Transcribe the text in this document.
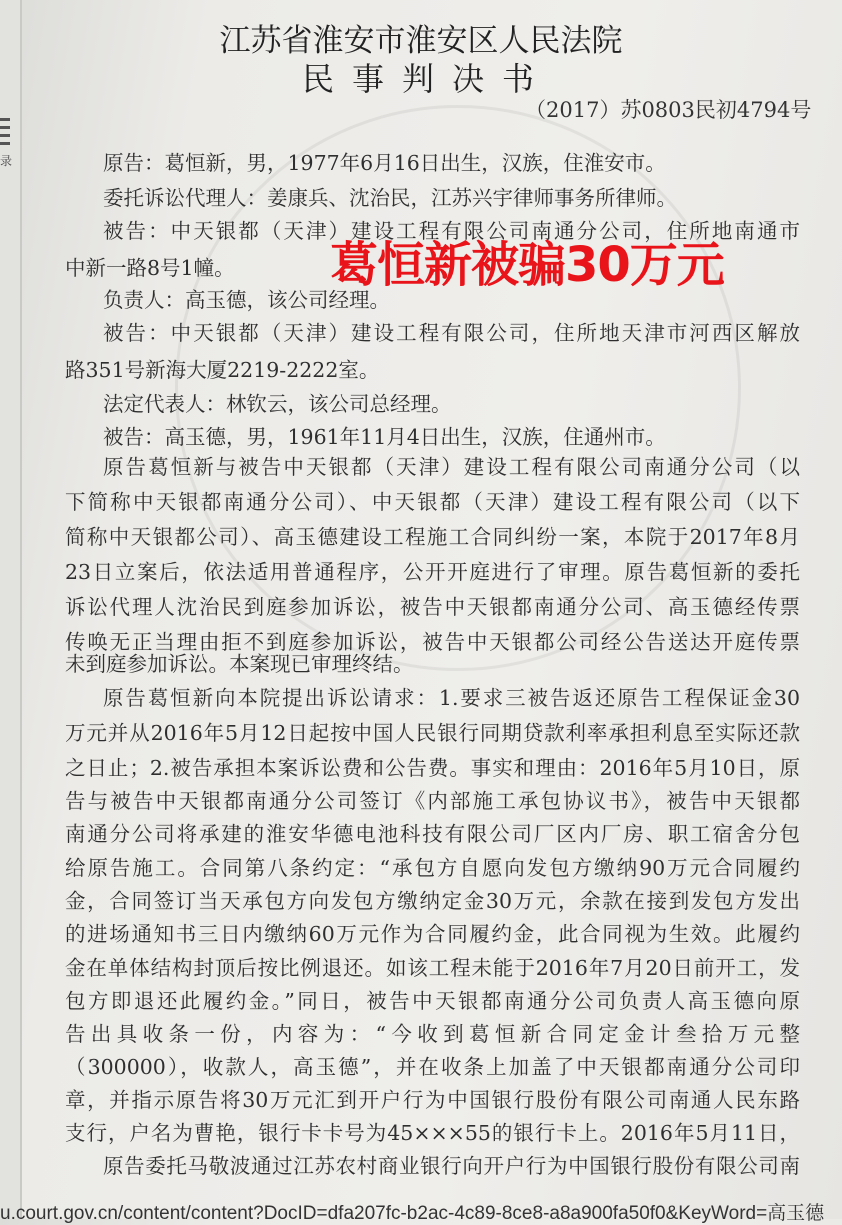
录
江苏省淮安市淮安区人民法院
民事判决书
（2017）苏0803民初4794号
原告：葛恒新，男，1977年6月16日出生，汉族，住淮安市。
委托诉讼代理人：姜康兵、沈治民，江苏兴宇律师事务所律师。
被告：中天银都（天津）建设工程有限公司南通分公司，住所地南通市
中新一路8号1幢。
负责人：高玉德，该公司经理。
被告：中天银都（天津）建设工程有限公司，住所地天津市河西区解放
路351号新海大厦2219-2222室。
法定代表人：林钦云，该公司总经理。
被告：高玉德，男，1961年11月4日出生，汉族，住通州市。
原告葛恒新与被告中天银都（天津）建设工程有限公司南通分公司（以
下简称中天银都南通分公司）、中天银都（天津）建设工程有限公司（以下
简称中天银都公司）、高玉德建设工程施工合同纠纷一案，本院于2017年8月
23日立案后，依法适用普通程序，公开开庭进行了审理。原告葛恒新的委托
诉讼代理人沈治民到庭参加诉讼，被告中天银都南通分公司、高玉德经传票
传唤无正当理由拒不到庭参加诉讼，被告中天银都公司经公告送达开庭传票
未到庭参加诉讼。本案现已审理终结。
原告葛恒新向本院提出诉讼请求：1.要求三被告返还原告工程保证金30
万元并从2016年5月12日起按中国人民银行同期贷款利率承担利息至实际还款
之日止；2.被告承担本案诉讼费和公告费。事实和理由：2016年5月10日，原
告与被告中天银都南通分公司签订《内部施工承包协议书》，被告中天银都
南通分公司将承建的淮安华德电池科技有限公司厂区内厂房、职工宿舍分包
给原告施工。合同第八条约定：“承包方自愿向发包方缴纳90万元合同履约
金，合同签订当天承包方向发包方缴纳定金30万元，余款在接到发包方发出
的进场通知书三日内缴纳60万元作为合同履约金，此合同视为生效。此履约
金在单体结构封顶后按比例退还。如该工程未能于2016年7月20日前开工，发
包方即退还此履约金。”同日，被告中天银都南通分公司负责人高玉德向原
告出具收条一份，内容为：“今收到葛恒新合同定金计叁拾万元整
（300000），收款人，高玉德”，并在收条上加盖了中天银都南通分公司印
章，并指示原告将30万元汇到开户行为中国银行股份有限公司南通人民东路
支行，户名为曹艳，银行卡卡号为45×××55的银行卡上。2016年5月11日，
原告委托马敬波通过江苏农村商业银行向开户行为中国银行股份有限公司南
葛恒新被骗30万元
u.court.gov.cn/content/content?DocID=dfa207fc-b2ac-4c89-8ce8-a8a900fa50f0&KeyWord=高玉德
